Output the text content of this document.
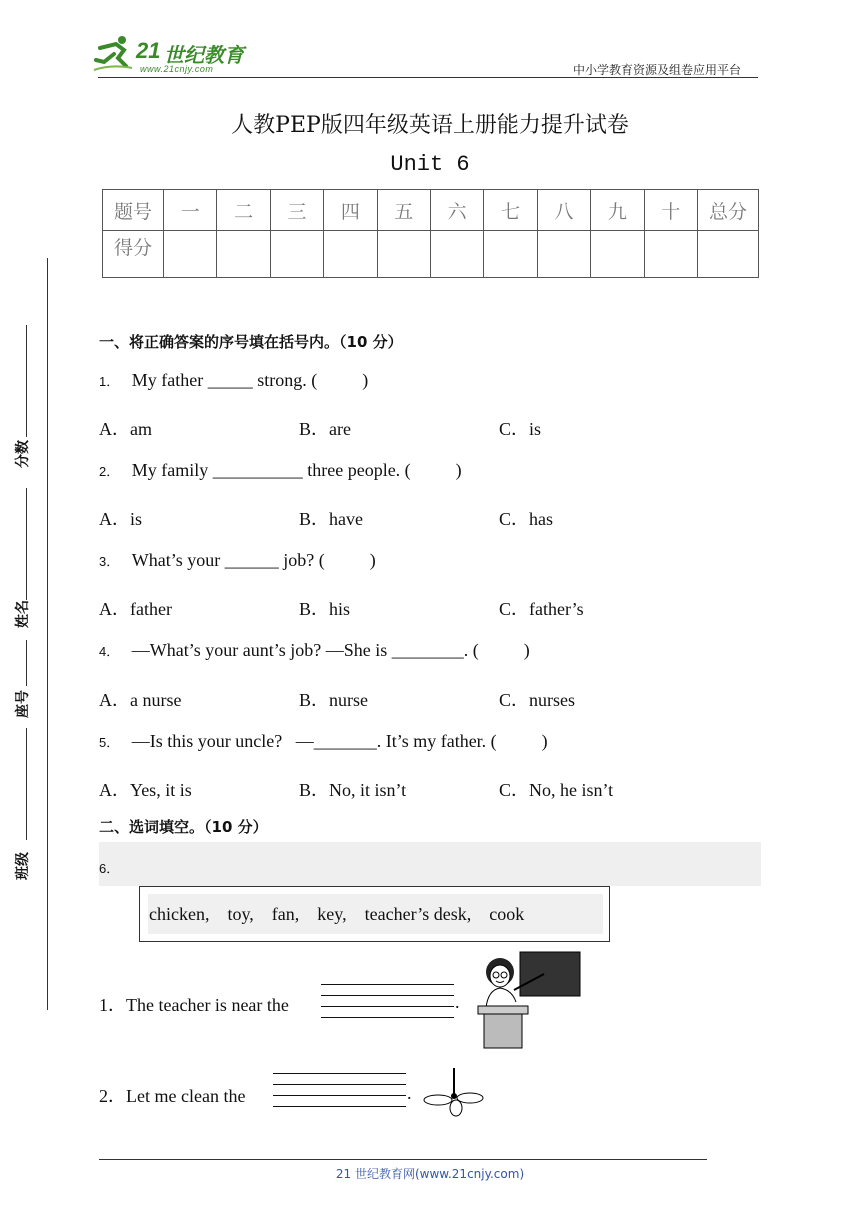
21 世纪教育
www.21cnjy.com	中小学教育资源及组卷应用平台
人教PEP版四年级英语上册能力提升试卷
Unit 6
题号	一	二	三	四	五	六	七	八	九	十	总分
得分											
分数
姓名
座号
班级
一、将正确答案的序号填在括号内。（10 分）
1． My father _____ strong. (          )
A．am	B．are	C．is
2． My family __________ three people. (          )
A．is	B．have	C．has
3． What’s your ______ job? (          )
A．father	B．his	C．father’s
4． —What’s your aunt’s job? —She is ________. (          )
A．a nurse	B．nurse	C．nurses
5． —Is this your uncle?   —_______. It’s my father. (          )
A．Yes, it is	B．No, it isn’t	C．No, he isn’t
二、选词填空。（10 分）
6．
chicken,    toy,    fan,    key,    teacher’s desk,    cook
1．The teacher is near the	.
2．Let me clean the	.
21 世纪教育网(www.21cnjy.com)
